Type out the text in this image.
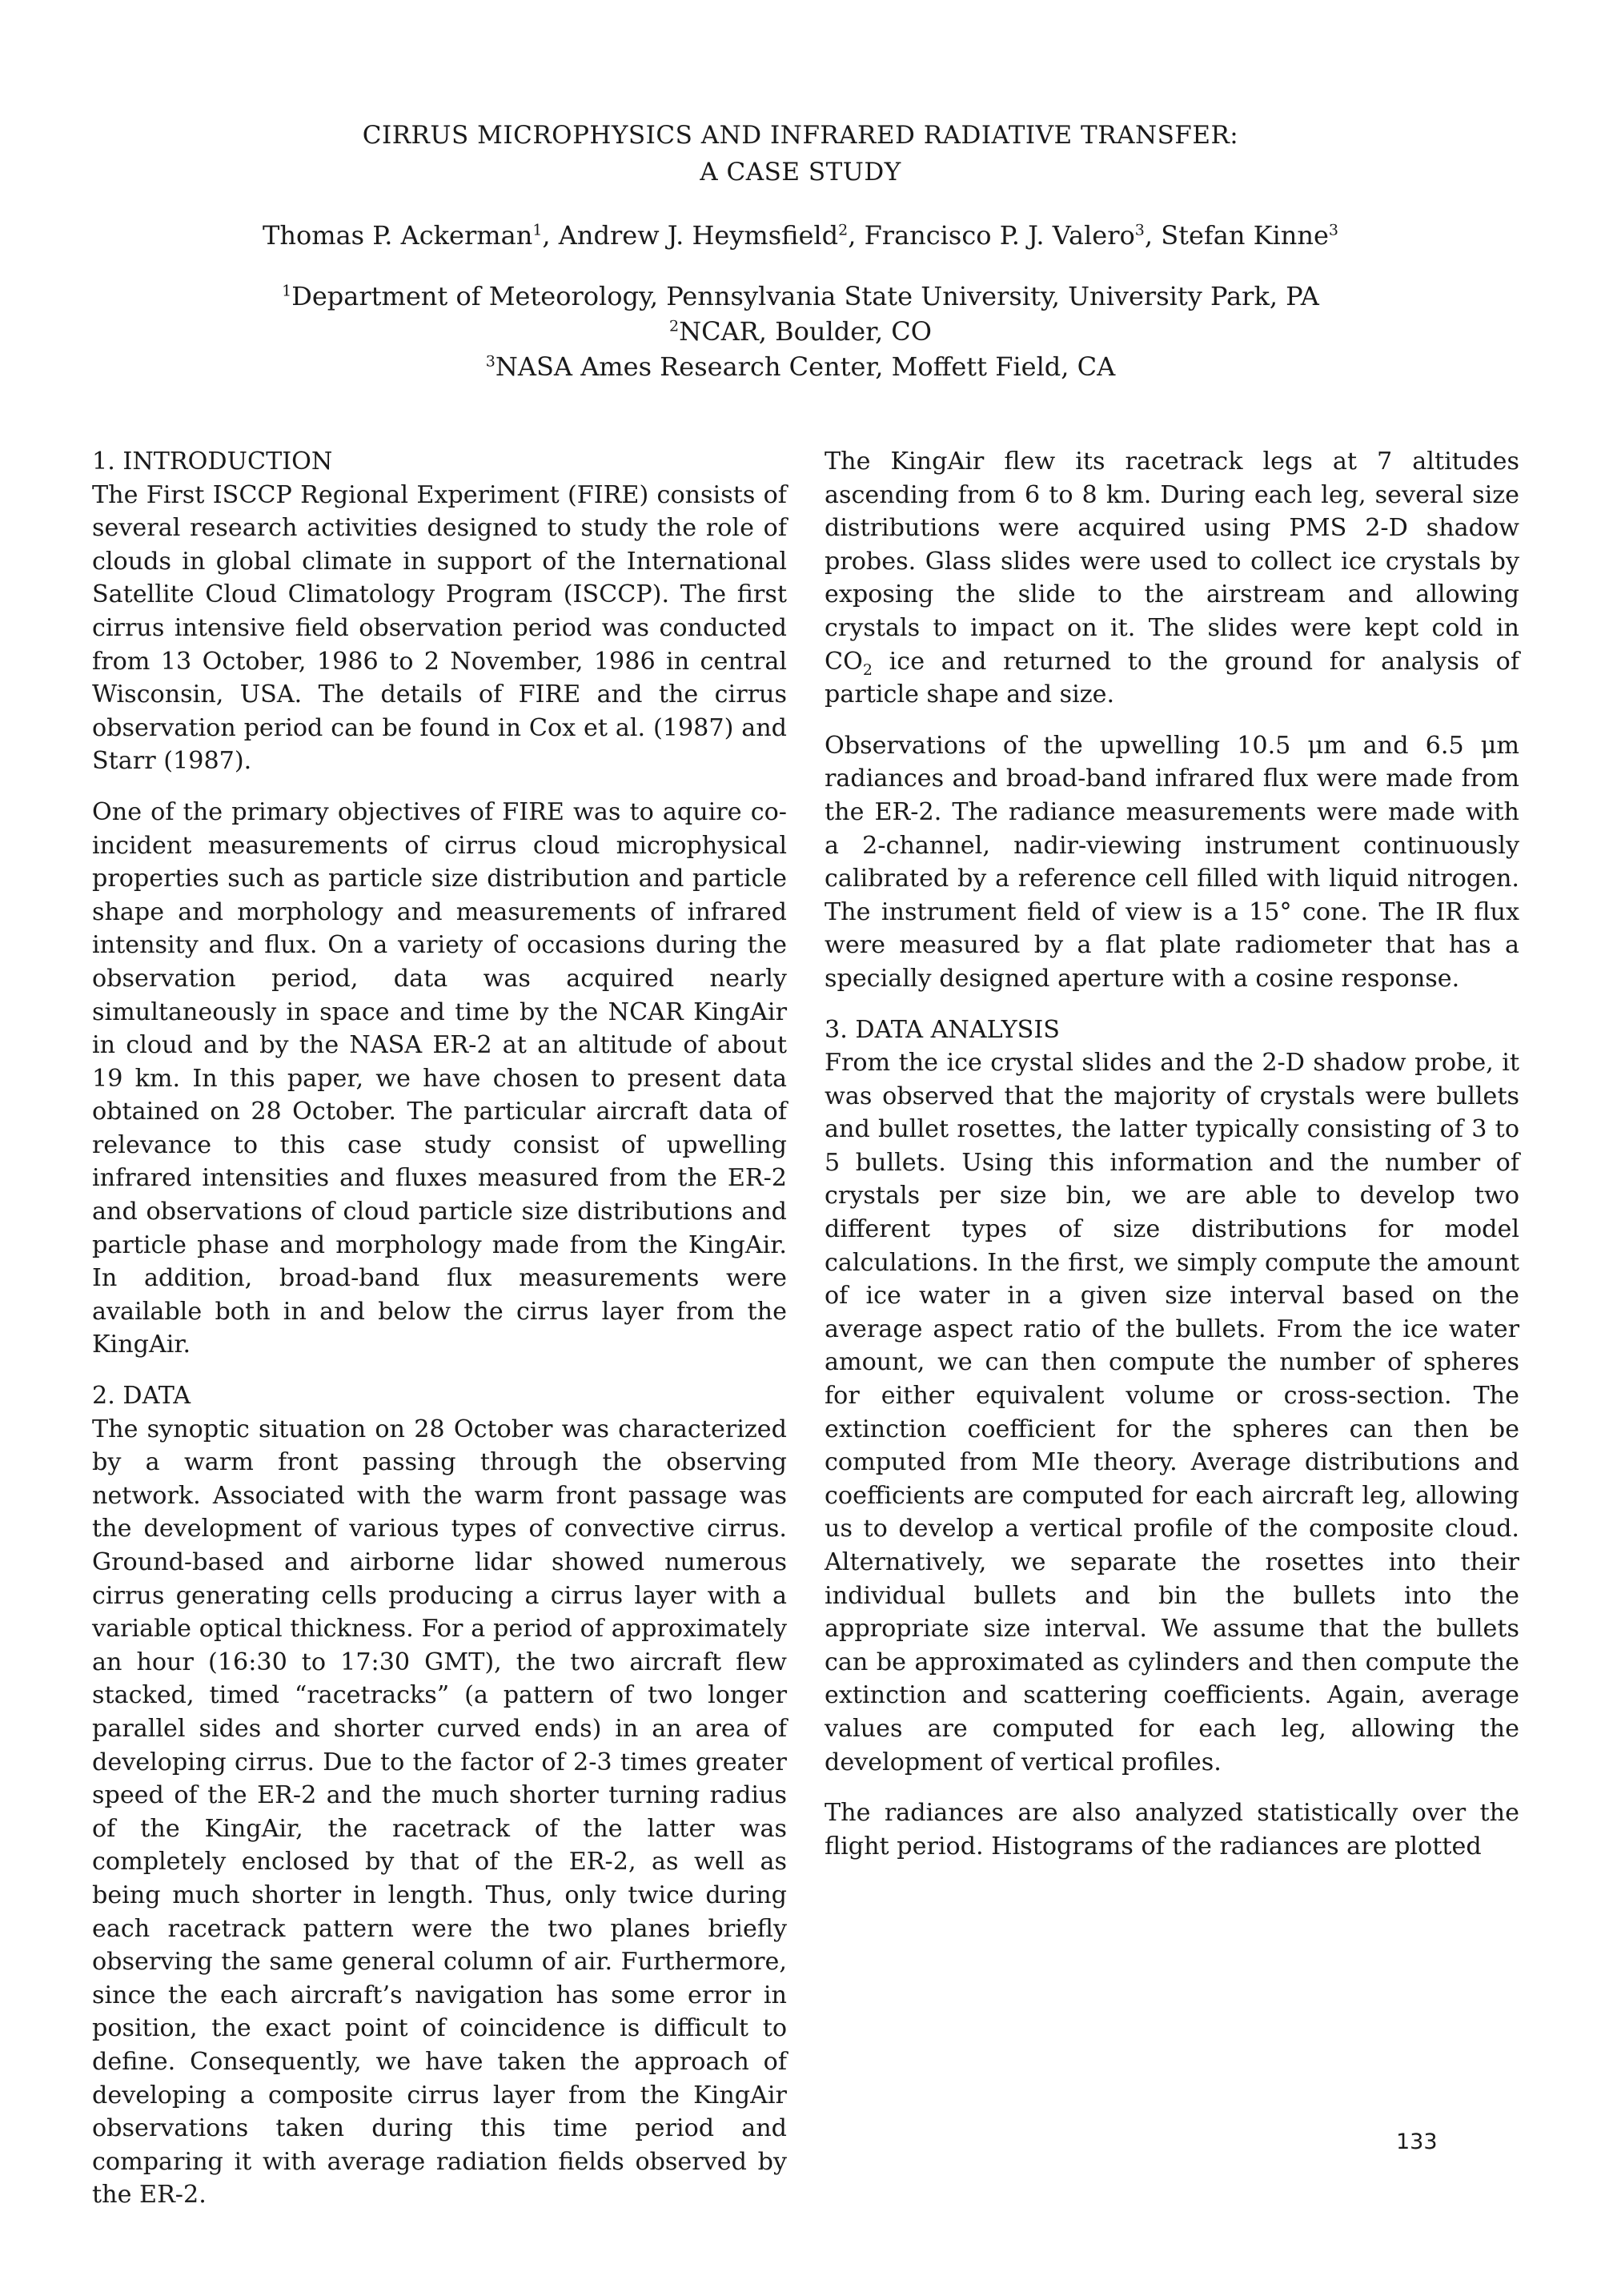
CIRRUS MICROPHYSICS AND INFRARED RADIATIVE TRANSFER:
A CASE STUDY
Thomas P. Ackerman$^1$, Andrew J. Heymsfield$^2$, Francisco P. J. Valero$^3$, Stefan Kinne$^3$
$^1$Department of Meteorology, Pennsylvania State University, University Park, PA
$^2$NCAR, Boulder, CO
$^3$NASA Ames Research Center, Moffett Field, CA
1. INTRODUCTION

The First ISCCP Regional Experiment (FIRE) consists of several research activities designed to study the role of clouds in global climate in support of the International Satellite Cloud Climatology Program (ISCCP). The first cirrus intensive field observation period was conducted from 13 October, 1986 to 2 November, 1986 in central Wisconsin, USA. The details of FIRE and the cirrus observation period can be found in Cox et al. (1987) and Starr (1987).

One of the primary objectives of FIRE was to aquire co-incident measurements of cirrus cloud microphysical properties such as particle size distribution and particle shape and morphology and measurements of infrared intensity and flux. On a variety of occasions during the observation period, data was acquired nearly simultaneously in space and time by the NCAR KingAir in cloud and by the NASA ER-2 at an altitude of about 19 km. In this paper, we have chosen to present data obtained on 28 October. The particular aircraft data of relevance to this case study consist of upwelling infrared intensities and fluxes measured from the ER-2 and observations of cloud particle size distributions and particle phase and morphology made from the KingAir. In addition, broad-band flux measurements were available both in and below the cirrus layer from the KingAir.

2. DATA

The synoptic situation on 28 October was characterized by a warm front passing through the observing network. Associated with the warm front passage was the development of various types of convective cirrus. Ground-based and airborne lidar showed numerous cirrus generating cells producing a cirrus layer with a variable optical thickness. For a period of approximately an hour (16:30 to 17:30 GMT), the two aircraft flew stacked, timed “racetracks” (a pattern of two longer parallel sides and shorter curved ends) in an area of developing cirrus. Due to the factor of 2-3 times greater speed of the ER-2 and the much shorter turning radius of the KingAir, the racetrack of the latter was completely enclosed by that of the ER-2, as well as being much shorter in length. Thus, only twice during each racetrack pattern were the two planes briefly observing the same general column of air. Furthermore, since the each aircraft’s navigation has some error in position, the exact point of coincidence is difficult to define. Consequently, we have taken the approach of developing a composite cirrus layer from the KingAir observations taken during this time period and comparing it with average radiation fields observed by the ER-2.

The KingAir flew its racetrack legs at 7 altitudes ascending from 6 to 8 km. During each leg, several size distributions were acquired using PMS 2-D shadow probes. Glass slides were used to collect ice crystals by exposing the slide to the airstream and allowing crystals to impact on it. The slides were kept cold in $CO_2$ ice and returned to the ground for analysis of particle shape and size.

Observations of the upwelling 10.5 μm and 6.5 μm radiances and broad-band infrared flux were made from the ER-2. The radiance measurements were made with a 2-channel, nadir-viewing instrument continuously calibrated by a reference cell filled with liquid nitrogen. The instrument field of view is a 15° cone. The IR flux were measured by a flat plate radiometer that has a specially designed aperture with a cosine response.

3. DATA ANALYSIS

From the ice crystal slides and the 2-D shadow probe, it was observed that the majority of crystals were bullets and bullet rosettes, the latter typically consisting of 3 to 5 bullets. Using this information and the number of crystals per size bin, we are able to develop two different types of size distributions for model calculations. In the first, we simply compute the amount of ice water in a given size interval based on the average aspect ratio of the bullets. From the ice water amount, we can then compute the number of spheres for either equivalent volume or cross-section. The extinction coefficient for the spheres can then be computed from MIe theory. Average distributions and coefficients are computed for each aircraft leg, allowing us to develop a vertical profile of the composite cloud. Alternatively, we separate the rosettes into their individual bullets and bin the bullets into the appropriate size interval. We assume that the bullets can be approximated as cylinders and then compute the extinction and scattering coefficients. Again, average values are computed for each leg, allowing the development of vertical profiles.

The radiances are also analyzed statistically over the flight period. Histograms of the radiances are plotted

133
